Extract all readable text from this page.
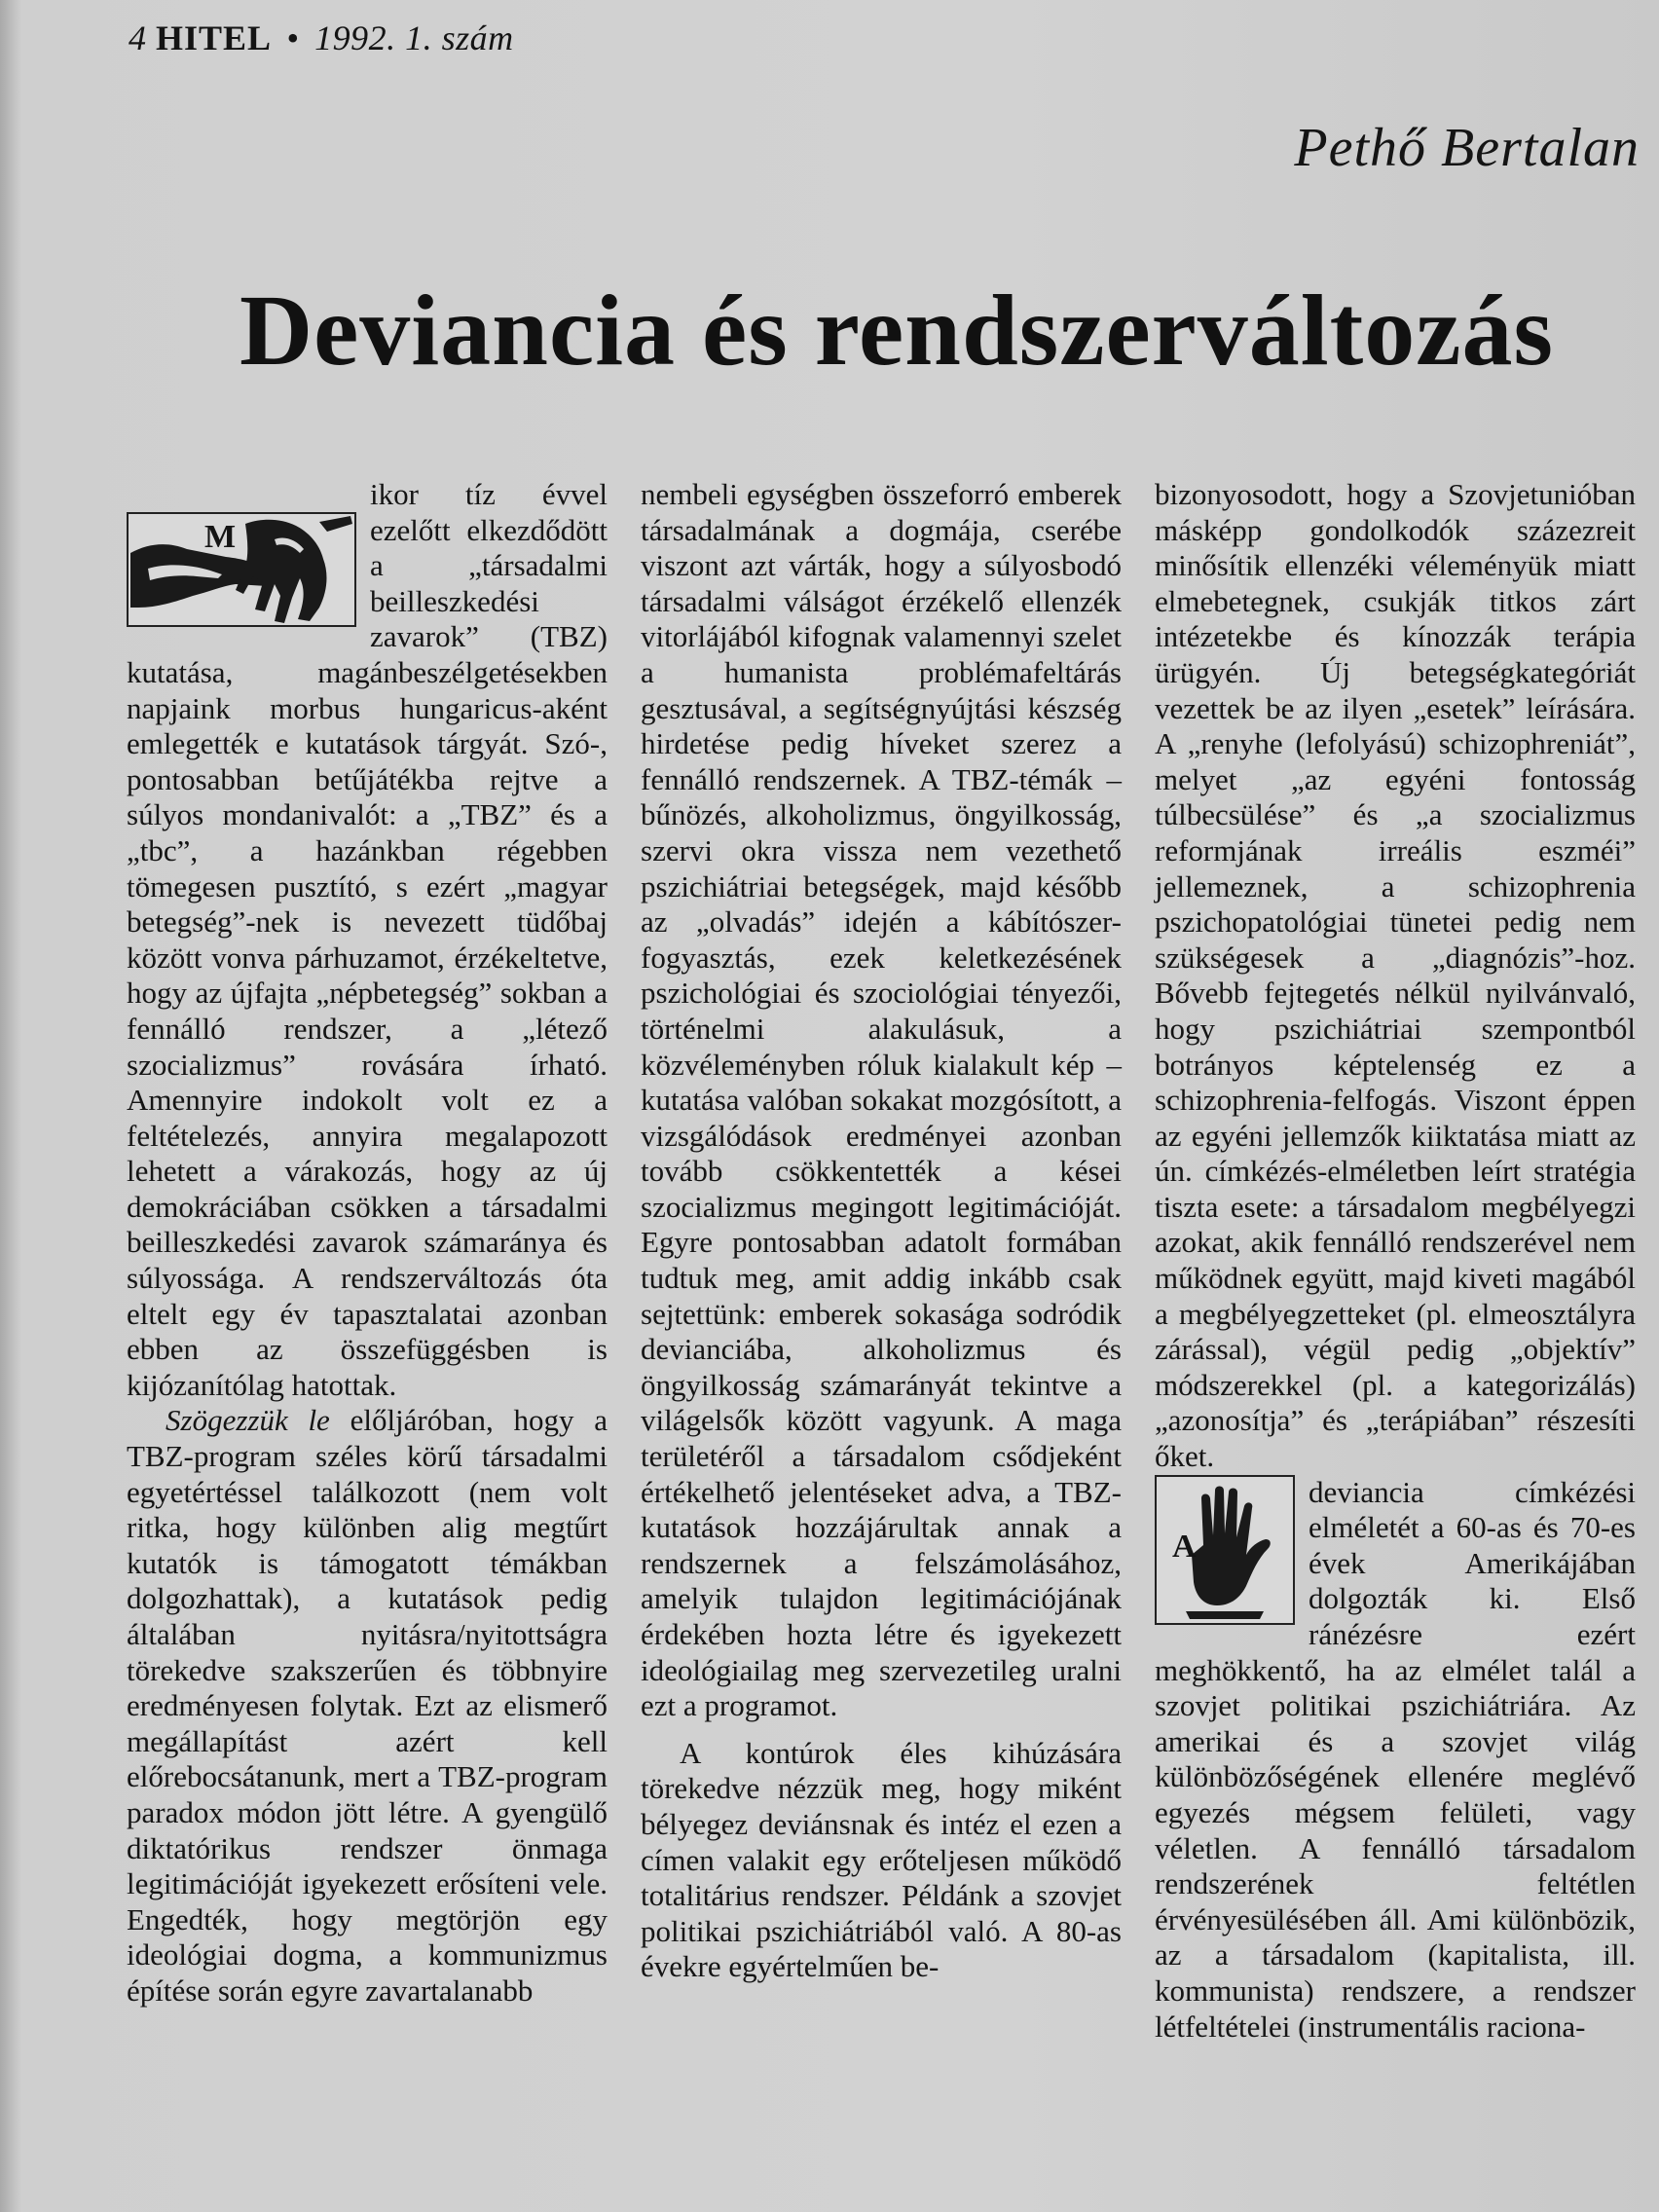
4 HITEL • 1992. 1. szám
Pethő Bertalan
Deviancia és rendszerváltozás
M

ikor tíz évvel ezelőtt elkezdődött a „társadalmi beilleszkedési zavarok” (TBZ) kutatása, magánbeszélgetésekben napjaink morbus hungaricus-aként emlegették e kutatások tárgyát. Szó-, pontosabban betűjátékba rejtve a súlyos mondanivalót: a „TBZ” és a „tbc”, a hazánkban régebben tömegesen pusztító, s ezért „magyar betegség”-nek is nevezett tüdőbaj között vonva párhuzamot, érzékeltetve, hogy az újfajta „népbetegség” sokban a fennálló rendszer, a „létező szocializmus” rovására írható. Amennyire indokolt volt ez a feltételezés, annyira megalapozott lehetett a várakozás, hogy az új demokráciában csökken a társadalmi beilleszkedési zavarok számaránya és súlyossága. A rendszerváltozás óta eltelt egy év tapasztalatai azonban ebben az összefüggésben is kijózanítólag hatottak.

Szögezzük le előljáróban, hogy a TBZ-program széles körű társadalmi egyetértéssel találkozott (nem volt ritka, hogy különben alig megtűrt kutatók is támogatott témákban dolgozhattak), a kutatások pedig általában nyitásra/nyitottságra törekedve szakszerűen és többnyire eredményesen folytak. Ezt az elismerő megállapítást azért kell előrebocsátanunk, mert a TBZ-program paradox módon jött létre. A gyengülő diktatórikus rendszer önmaga legitimációját igyekezett erősíteni vele. Engedték, hogy megtörjön egy ideológiai dogma, a kommunizmus építése során egyre zavartalanabb

nembeli egységben összeforró emberek társadalmának a dogmája, cserébe viszont azt várták, hogy a súlyosbodó társadalmi válságot érzékelő ellenzék vitorlájából kifognak valamennyi szelet a humanista problémafeltárás gesztusával, a segítségnyújtási készség hirdetése pedig híveket szerez a fennálló rendszernek. A TBZ-témák – bűnözés, alkoholizmus, öngyilkosság, szervi okra vissza nem vezethető pszichiátriai betegségek, majd később az „olvadás” idején a kábítószer-fogyasztás, ezek keletkezésének pszichológiai és szociológiai tényezői, történelmi alakulásuk, a közvéleményben róluk kialakult kép – kutatása valóban sokakat mozgósított, a vizsgálódások eredményei azonban tovább csökkentették a kései szocializmus megingott legitimációját. Egyre pontosabban adatolt formában tudtuk meg, amit addig inkább csak sejtettünk: emberek sokasága sodródik devianciába, alkoholizmus és öngyilkosság számarányát tekintve a világelsők között vagyunk. A maga területéről a társadalom csődjeként értékelhető jelentéseket adva, a TBZ-kutatások hozzájárultak annak a rendszernek a felszámolásához, amelyik tulajdon legitimációjának érdekében hozta létre és igyekezett ideológiailag meg szervezetileg uralni ezt a programot.

A kontúrok éles kihúzására törekedve nézzük meg, hogy miként bélyegez deviánsnak és intéz el ezen a címen valakit egy erőteljesen működő totalitárius rendszer. Példánk a szovjet politikai pszichiátriából való. A 80-as évekre egyértelműen be-

bizonyosodott, hogy a Szovjetunióban másképp gondolkodók százezreit minősítik ellenzéki véleményük miatt elmebetegnek, csukják titkos zárt intézetekbe és kínozzák terápia ürügyén. Új betegségkategóriát vezettek be az ilyen „esetek” leírására. A „renyhe (lefolyású) schizophreniát”, melyet „az egyéni fontosság túlbecsülése” és „a szocializmus reformjának irreális eszméi” jellemeznek, a schizophrenia pszichopatológiai tünetei pedig nem szükségesek a „diagnózis”-hoz. Bővebb fejtegetés nélkül nyilvánvaló, hogy pszichiátriai szempontból botrányos képtelenség ez a schizophrenia-felfogás. Viszont éppen az egyéni jellemzők kiiktatása miatt az ún. címkézés-elméletben leírt stratégia tiszta esete: a társadalom megbélyegzi azokat, akik fennálló rendszerével nem működnek együtt, majd kiveti magából a megbélyegzetteket (pl. elmeosztályra zárással), végül pedig „objektív” módszerekkel (pl. a kategorizálás) „azonosítja” és „terápiában” részesíti őket.

A

deviancia címkézési elméletét a 60-as és 70-es évek Amerikájában dolgozták ki. Első ránézésre ezért meghökkentő, ha az elmélet talál a szovjet politikai pszichiátriára. Az amerikai és a szovjet világ különbözőségének ellenére meglévő egyezés mégsem felületi, vagy véletlen. A fennálló társadalom rendszerének feltétlen érvényesülésében áll. Ami különbözik, az a társadalom (kapitalista, ill. kommunista) rendszere, a rendszer létfeltételei (instrumentális raciona-
